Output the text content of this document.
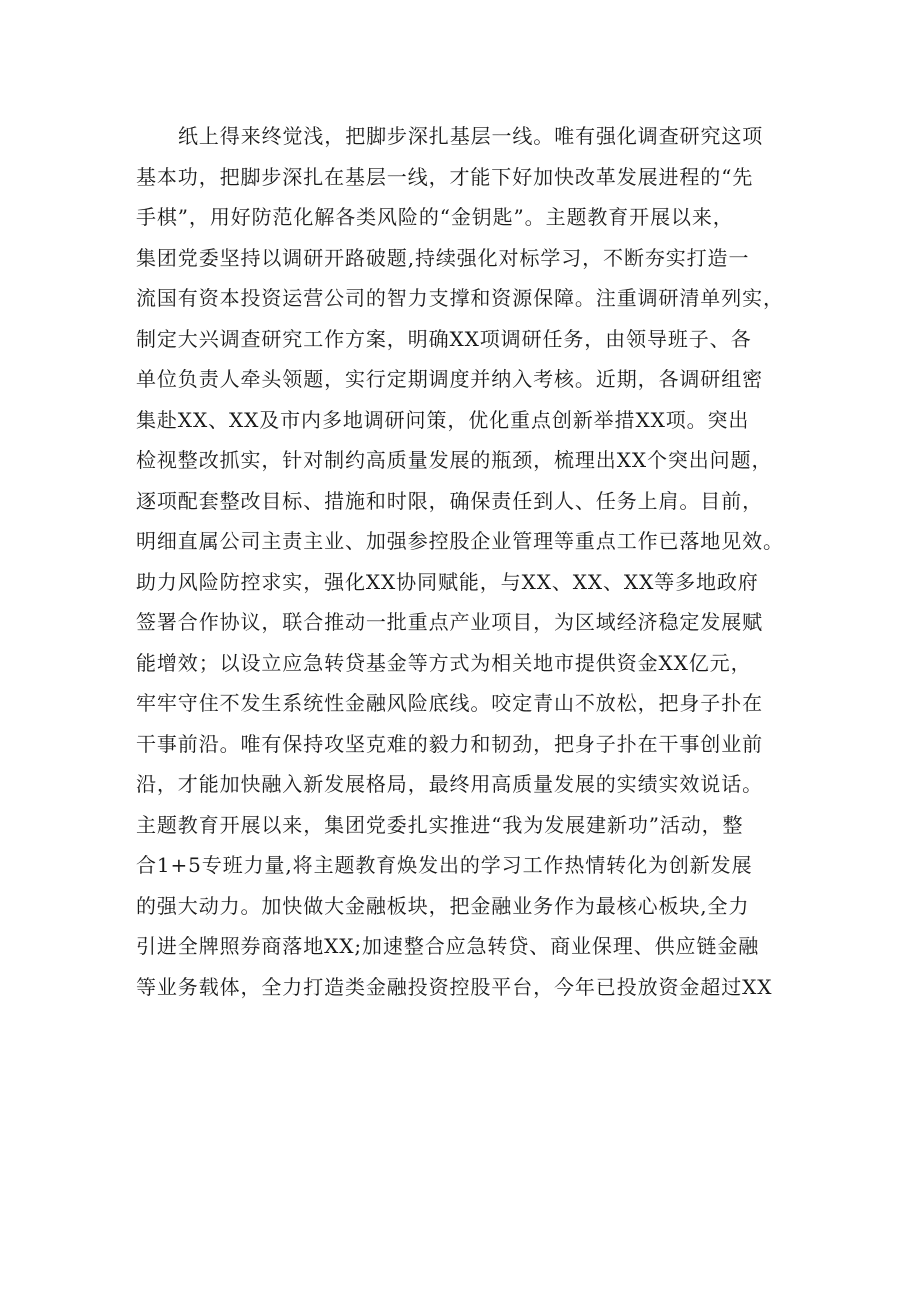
纸上得来终觉浅，把脚步深扎基层一线。唯有强化调查研究这项
基本功，把脚步深扎在基层一线，才能下好加快改革发展进程的“先
手棋”，用好防范化解各类风险的“金钥匙”。主题教育开展以来，
集团党委坚持以调研开路破题,持续强化对标学习，不断夯实打造一
流国有资本投资运营公司的智力支撑和资源保障。注重调研清单列实，
制定大兴调查研究工作方案，明确XX项调研任务，由领导班子、各
单位负责人牵头领题，实行定期调度并纳入考核。近期，各调研组密
集赴XX、XX及市内多地调研问策，优化重点创新举措XX项。突出
检视整改抓实，针对制约高质量发展的瓶颈，梳理出XX个突出问题，
逐项配套整改目标、措施和时限，确保责任到人、任务上肩。目前，
明细直属公司主责主业、加强参控股企业管理等重点工作已落地见效。
助力风险防控求实，强化XX协同赋能，与XX、XX、XX等多地政府
签署合作协议，联合推动一批重点产业项目，为区域经济稳定发展赋
能增效；以设立应急转贷基金等方式为相关地市提供资金XX亿元，
牢牢守住不发生系统性金融风险底线。咬定青山不放松，把身子扑在
干事前沿。唯有保持攻坚克难的毅力和韧劲，把身子扑在干事创业前
沿，才能加快融入新发展格局，最终用高质量发展的实绩实效说话。
主题教育开展以来，集团党委扎实推进“我为发展建新功”活动，整
合1+5专班力量,将主题教育焕发出的学习工作热情转化为创新发展
的强大动力。加快做大金融板块，把金融业务作为最核心板块,全力
引进全牌照券商落地XX;加速整合应急转贷、商业保理、供应链金融
等业务载体，全力打造类金融投资控股平台，今年已投放资金超过XX
